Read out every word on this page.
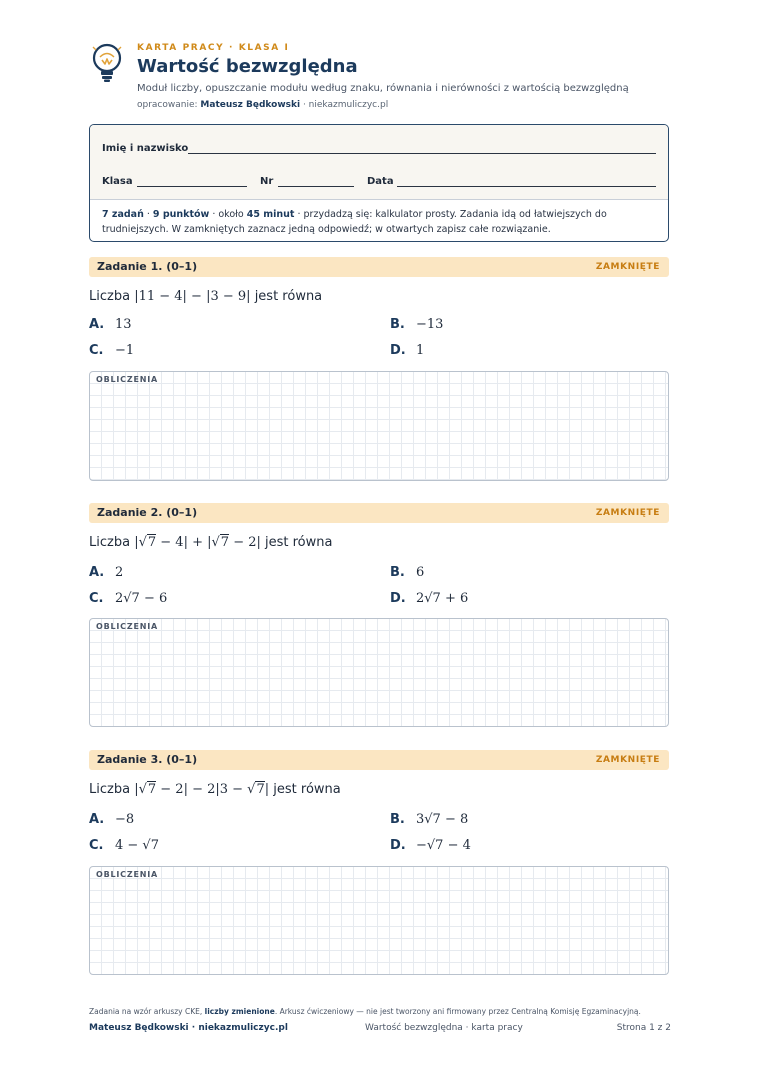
KARTA PRACY · KLASA I
Wartość bezwzględna
Moduł liczby, opuszczanie modułu według znaku, równania i nierówności z wartością bezwzględną
opracowanie: Mateusz Będkowski · niekazmuliczyc.pl
Imię i nazwisko
Klasa	Nr	Data
7 zadań · 9 punktów · około 45 minut · przydadzą się: kalkulator prosty. Zadania idą od łatwiejszych do trudniejszych. W zamkniętych zaznacz jedną odpowiedź; w otwartych zapisz całe rozwiązanie.
Zadanie 1. (0–1)	ZAMKNIĘTE
Liczba |11 − 4| − |3 − 9| jest równa
A. 13	B. −13
C. −1	D. 1
OBLICZENIA
Zadanie 2. (0–1)	ZAMKNIĘTE
Liczba |√7 − 4| + |√7 − 2| jest równa
A. 2	B. 6
C. 2√7 − 6	D. 2√7 + 6
OBLICZENIA
Zadanie 3. (0–1)	ZAMKNIĘTE
Liczba |√7 − 2| − 2|3 − √7| jest równa
A. −8	B. 3√7 − 8
C. 4 − √7	D. −√7 − 4
OBLICZENIA
Zadania na wzór arkuszy CKE, liczby zmienione. Arkusz ćwiczeniowy — nie jest tworzony ani firmowany przez Centralną Komisję Egzaminacyjną.
Mateusz Będkowski · niekazmuliczyc.pl	Wartość bezwzględna · karta pracy	Strona 1 z 2
